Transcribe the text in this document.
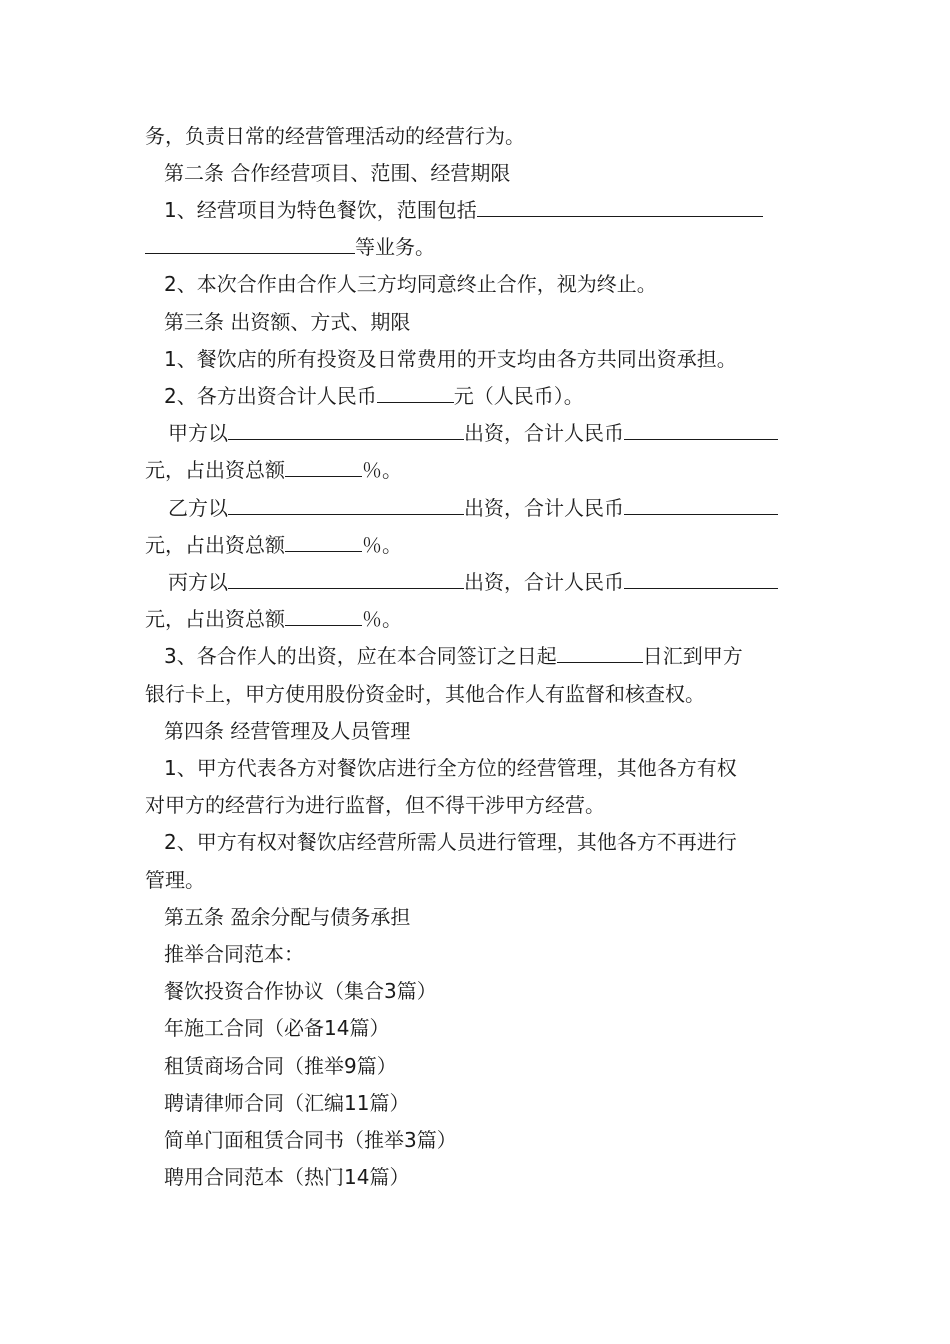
务，负责日常的经营管理活动的经营行为。
第二条 合作经营项目、范围、经营期限
1、经营项目为特色餐饮，范围包括
等业务。
2、本次合作由合作人三方均同意终止合作，视为终止。
第三条 出资额、方式、期限
1、餐饮店的所有投资及日常费用的开支均由各方共同出资承担。
2、各方出资合计人民币	元（人民币）。
甲方以	出资，合计人民币
元，占出资总额	％。
乙方以	出资，合计人民币
元，占出资总额	％。
丙方以	出资，合计人民币
元，占出资总额	％。
3、各合作人的出资，应在本合同签订之日起	日汇到甲方
银行卡上，甲方使用股份资金时，其他合作人有监督和核查权。
第四条 经营管理及人员管理
1、甲方代表各方对餐饮店进行全方位的经营管理，其他各方有权
对甲方的经营行为进行监督，但不得干涉甲方经营。
2、甲方有权对餐饮店经营所需人员进行管理，其他各方不再进行
管理。
第五条 盈余分配与债务承担
推举合同范本：
餐饮投资合作协议（集合3篇）
年施工合同（必备14篇）
租赁商场合同（推举9篇）
聘请律师合同（汇编11篇）
简单门面租赁合同书（推举3篇）
聘用合同范本（热门14篇）
